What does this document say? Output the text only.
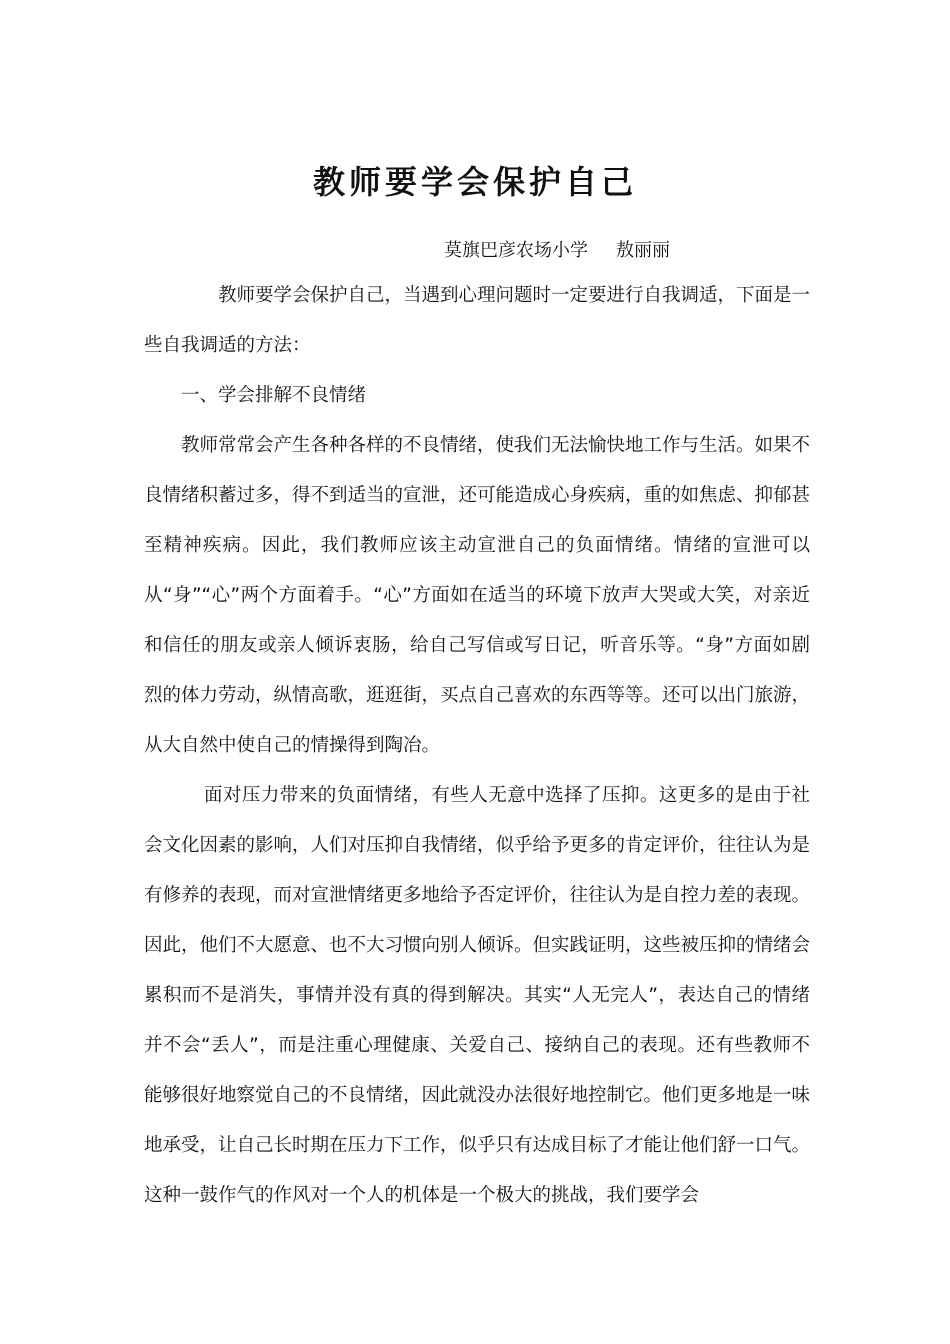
教师要学会保护自己
莫旗巴彦农场小学 敖丽丽

教师要学会保护自己，当遇到心理问题时一定要进行自我调适，下面是一些自我调适的方法：

一、学会排解不良情绪

教师常常会产生各种各样的不良情绪，使我们无法愉快地工作与生活。如果不良情绪积蓄过多，得不到适当的宣泄，还可能造成心身疾病，重的如焦虑、抑郁甚至精神疾病。因此，我们教师应该主动宣泄自己的负面情绪。情绪的宣泄可以从“身”“心”两个方面着手。“心”方面如在适当的环境下放声大哭或大笑，对亲近和信任的朋友或亲人倾诉衷肠，给自己写信或写日记，听音乐等。“身”方面如剧烈的体力劳动，纵情高歌，逛逛街，买点自己喜欢的东西等等。还可以出门旅游，从大自然中使自己的情操得到陶冶。

面对压力带来的负面情绪，有些人无意中选择了压抑。这更多的是由于社会文化因素的影响，人们对压抑自我情绪，似乎给予更多的肯定评价，往往认为是有修养的表现，而对宣泄情绪更多地给予否定评价，往往认为是自控力差的表现。因此，他们不大愿意、也不大习惯向别人倾诉。但实践证明，这些被压抑的情绪会累积而不是消失，事情并没有真的得到解决。其实“人无完人”，表达自己的情绪并不会“丢人”，而是注重心理健康、关爱自己、接纳自己的表现。还有些教师不能够很好地察觉自己的不良情绪，因此就没办法很好地控制它。他们更多地是一味地承受，让自己长时期在压力下工作，似乎只有达成目标了才能让他们舒一口气。这种一鼓作气的作风对一个人的机体是一个极大的挑战，我们要学会
